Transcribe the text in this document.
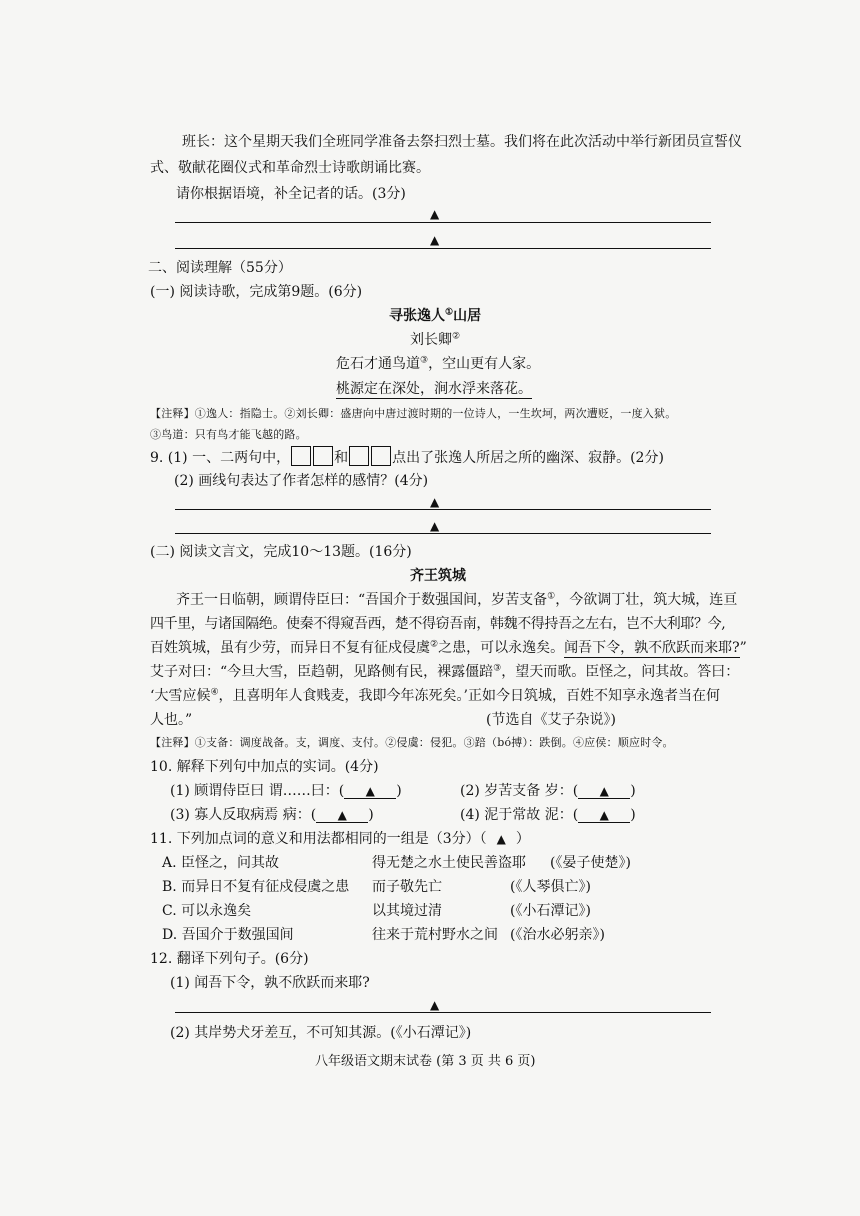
班长：这个星期天我们全班同学准备去祭扫烈士墓。我们将在此次活动中举行新团员宣誓仪
式、敬献花圈仪式和革命烈士诗歌朗诵比赛。
请你根据语境，补全记者的话。(3分)
▲
▲
二、阅读理解（55分）
(一) 阅读诗歌，完成第9题。(6分)
寻张逸人①山居
刘长卿②
危石才通鸟道③，空山更有人家。
桃源定在深处，涧水浮来落花。
【注释】①逸人：指隐士。②刘长卿：盛唐向中唐过渡时期的一位诗人，一生坎坷，两次遭贬，一度入狱。
③鸟道：只有鸟才能飞越的路。
9. (1) 一、二两句中，	和	点出了张逸人所居之所的幽深、寂静。(2分)
(2) 画线句表达了作者怎样的感情？(4分)
▲
▲
(二) 阅读文言文，完成10～13题。(16分)
齐王筑城
齐王一日临朝，顾谓侍臣曰：“吾国介于数强国间，岁苦支备①，今欲调丁壮，筑大城，连亘
四千里，与诸国隔绝。使秦不得窥吾西，楚不得窃吾南，韩魏不得持吾之左右，岂不大利耶？今,
百姓筑城，虽有少劳，而异日不复有征戍侵虞②之患，可以永逸矣。闻吾下令，孰不欣跃而来耶?”
艾子对曰：“今旦大雪，臣趋朝，见路侧有民，裸露僵踣③，望天而歌。臣怪之，问其故。答曰：
‘大雪应候④，且喜明年人食贱麦，我即今年冻死矣。’正如今日筑城，百姓不知享永逸者当在何
人也。”	(节选自《艾子杂说》)
【注释】①支备：调度战备。支，调度、支付。②侵虞：侵犯。③踣（bó搏）：跌倒。④应侯：顺应时令。
10. 解释下列句中加点的实词。(4分)
(1) 顾谓侍臣曰 谓……曰：( ▲ )	(2) 岁苦支备 岁：( ▲ )
(3) 寡人反取病焉 病：( ▲ )	(4) 泥于常故 泥：( ▲ )
11. 下列加点词的意义和用法都相同的一组是（3分）（ ▲ ）
A. 臣怪之，问其故	得无楚之水土使民善盗耶 (《晏子使楚》)
B. 而异日不复有征戍侵虞之患 而子敬先亡	(《人琴俱亡》)
C. 可以永逸矣	以其境过清	(《小石潭记》)
D. 吾国介于数强国间	往来于荒村野水之间 (《治水必躬亲》)
12. 翻译下列句子。(6分)
(1) 闻吾下令，孰不欣跃而来耶?
▲
(2) 其岸势犬牙差互，不可知其源。(《小石潭记》)
八年级语文期末试卷 (第 3 页 共 6 页)
